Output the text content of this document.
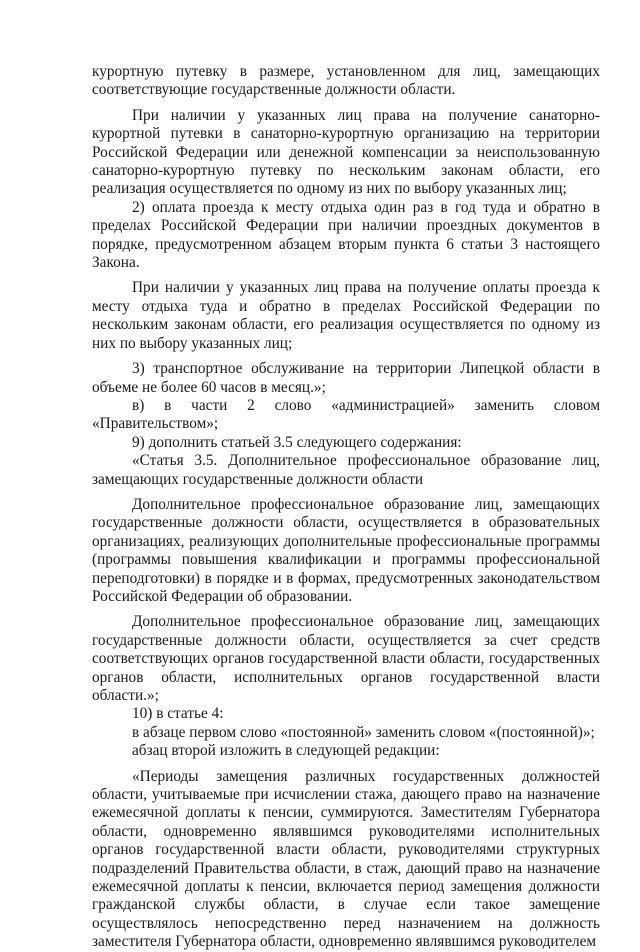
курортную путевку в размере, установленном для лиц, замещающих соответствующие государственные должности области.

При наличии у указанных лиц права на получение санаторно-курортной путевки в санаторно-курортную организацию на территории Российской Федерации или денежной компенсации за неиспользованную санаторно-курортную путевку по нескольким законам области, его реализация осуществляется по одному из них по выбору указанных лиц;

2) оплата проезда к месту отдыха один раз в год туда и обратно в пределах Российской Федерации при наличии проездных документов в порядке, предусмотренном абзацем вторым пункта 6 статьи 3 настоящего Закона.

При наличии у указанных лиц права на получение оплаты проезда к месту отдыха туда и обратно в пределах Российской Федерации по нескольким законам области, его реализация осуществляется по одному из них по выбору указанных лиц;

3) транспортное обслуживание на территории Липецкой области в объеме не более 60 часов в месяц.»;

в) в части 2 слово «администрацией» заменить словом «Правительством»;

9) дополнить статьей 3.5 следующего содержания:

«Статья 3.5. Дополнительное профессиональное образование лиц, замещающих государственные должности области

Дополнительное профессиональное образование лиц, замещающих государственные должности области, осуществляется в образовательных организациях, реализующих дополнительные профессиональные программы (программы повышения квалификации и программы профессиональной переподготовки) в порядке и в формах, предусмотренных законодательством Российской Федерации об образовании.

Дополнительное профессиональное образование лиц, замещающих государственные должности области, осуществляется за счет средств соответствующих органов государственной власти области, государственных органов области, исполнительных органов государственной власти области.»;

10) в статье 4:

в абзаце первом слово «постоянной» заменить словом «(постоянной)»;

абзац второй изложить в следующей редакции:

«Периоды замещения различных государственных должностей области, учитываемые при исчислении стажа, дающего право на назначение ежемесячной доплаты к пенсии, суммируются. Заместителям Губернатора области, одновременно являвшимся руководителями исполнительных органов государственной власти области, руководителями структурных подразделений Правительства области, в стаж, дающий право на назначение ежемесячной доплаты к пенсии, включается период замещения должности гражданской службы области, в случае если такое замещение осуществлялось непосредственно перед назначением на должность заместителя Губернатора области, одновременно являвшимся руководителем
